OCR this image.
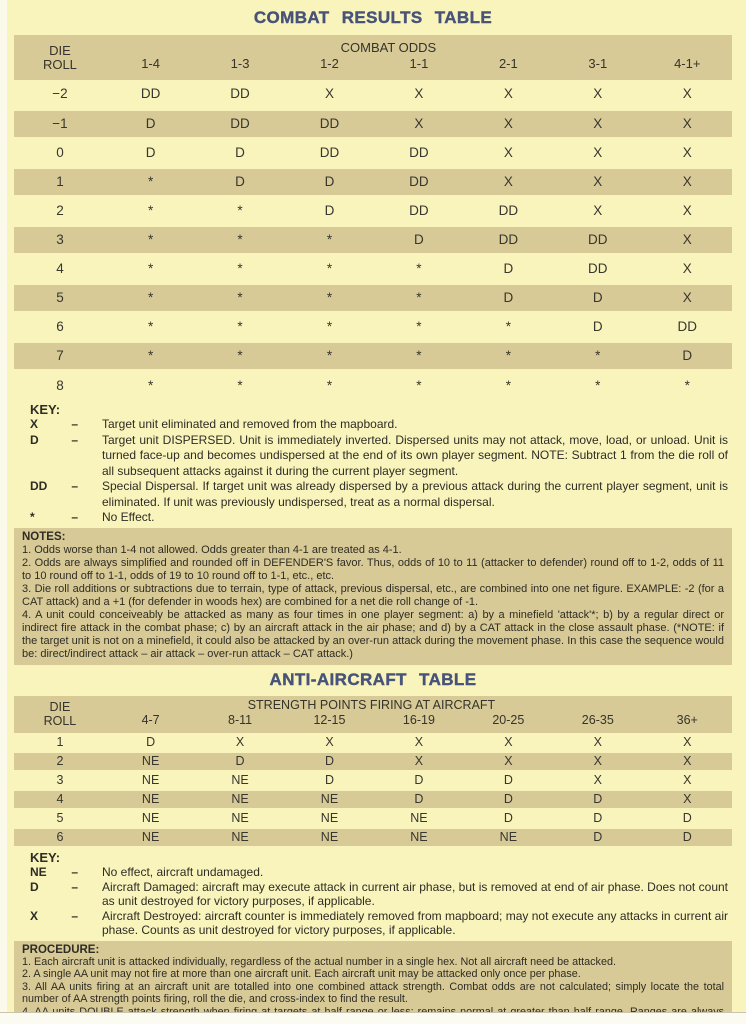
COMBAT RESULTS TABLE
DIE
ROLL	COMBAT ODDS						
	1-4	1-3	1-2	1-1	2-1	3-1	4-1+
−2	DD	DD	X	X	X	X	X
−1	D	DD	DD	X	X	X	X
0	D	D	DD	DD	X	X	X
1	*	D	D	DD	X	X	X
2	*	*	D	DD	DD	X	X
3	*	*	*	D	DD	DD	X
4	*	*	*	*	D	DD	X
5	*	*	*	*	D	D	X
6	*	*	*	*	*	D	DD
7	*	*	*	*	*	*	D
8	*	*	*	*	*	*	*
KEY:
X	– Target unit eliminated and removed from the mapboard.
D	– Target unit DISPERSED. Unit is immediately inverted. Dispersed units may not attack, move, load, or unload. Unit is turned face-up and becomes undispersed at the end of its own player segment. NOTE: Subtract 1 from the die roll of all subsequent attacks against it during the current player segment.
DD – Special Dispersal. If target unit was already dispersed by a previous attack during the current player segment, unit is eliminated. If unit was previously undispersed, treat as a normal dispersal.
*	– No Effect.
NOTES:
1. Odds worse than 1-4 not allowed. Odds greater than 4-1 are treated as 4-1.
2. Odds are always simplified and rounded off in DEFENDER'S favor. Thus, odds of 10 to 11 (attacker to defender) round off to 1-2, odds of 11 to 10 round off to 1-1, odds of 19 to 10 round off to 1-1, etc., etc.
3. Die roll additions or subtractions due to terrain, type of attack, previous dispersal, etc., are combined into one net figure. EXAMPLE: -2 (for a CAT attack) and a +1 (for defender in woods hex) are combined for a net die roll change of -1.
4. A unit could conceiveably be attacked as many as four times in one player segment: a) by a minefield 'attack'*; b) by a regular direct or indirect fire attack in the combat phase; c) by an aircraft attack in the air phase; and d) by a CAT attack in the close assault phase. (*NOTE: if the target unit is not on a minefield, it could also be attacked by an over-run attack during the movement phase. In this case the sequence would be: direct/indirect attack – air attack – over-run attack – CAT attack.)
ANTI-AIRCRAFT TABLE
DIE
ROLL	STRENGTH POINTS FIRING AT AIRCRAFT						
	4-7	8-11	12-15	16-19	20-25	26-35	36+
1	D	X	X	X	X	X	X
2	NE	D	D	X	X	X	X
3	NE	NE	D	D	D	X	X
4	NE	NE	NE	D	D	D	X
5	NE	NE	NE	NE	D	D	D
6	NE	NE	NE	NE	NE	D	D
KEY:
NE – No effect, aircraft undamaged.
D	– Aircraft Damaged: aircraft may execute attack in current air phase, but is removed at end of air phase. Does not count as unit destroyed for victory purposes, if applicable.
X	– Aircraft Destroyed: aircraft counter is immediately removed from mapboard; may not execute any attacks in current air phase. Counts as unit destroyed for victory purposes, if applicable.
PROCEDURE:
1. Each aircraft unit is attacked individually, regardless of the actual number in a single hex. Not all aircraft need be attacked.
2. A single AA unit may not fire at more than one aircraft unit. Each aircraft unit may be attacked only once per phase.
3. All AA units firing at an aircraft unit are totalled into one combined attack strength. Combat odds are not calculated; simply locate the total number of AA strength points firing, roll the die, and cross-index to find the result.
